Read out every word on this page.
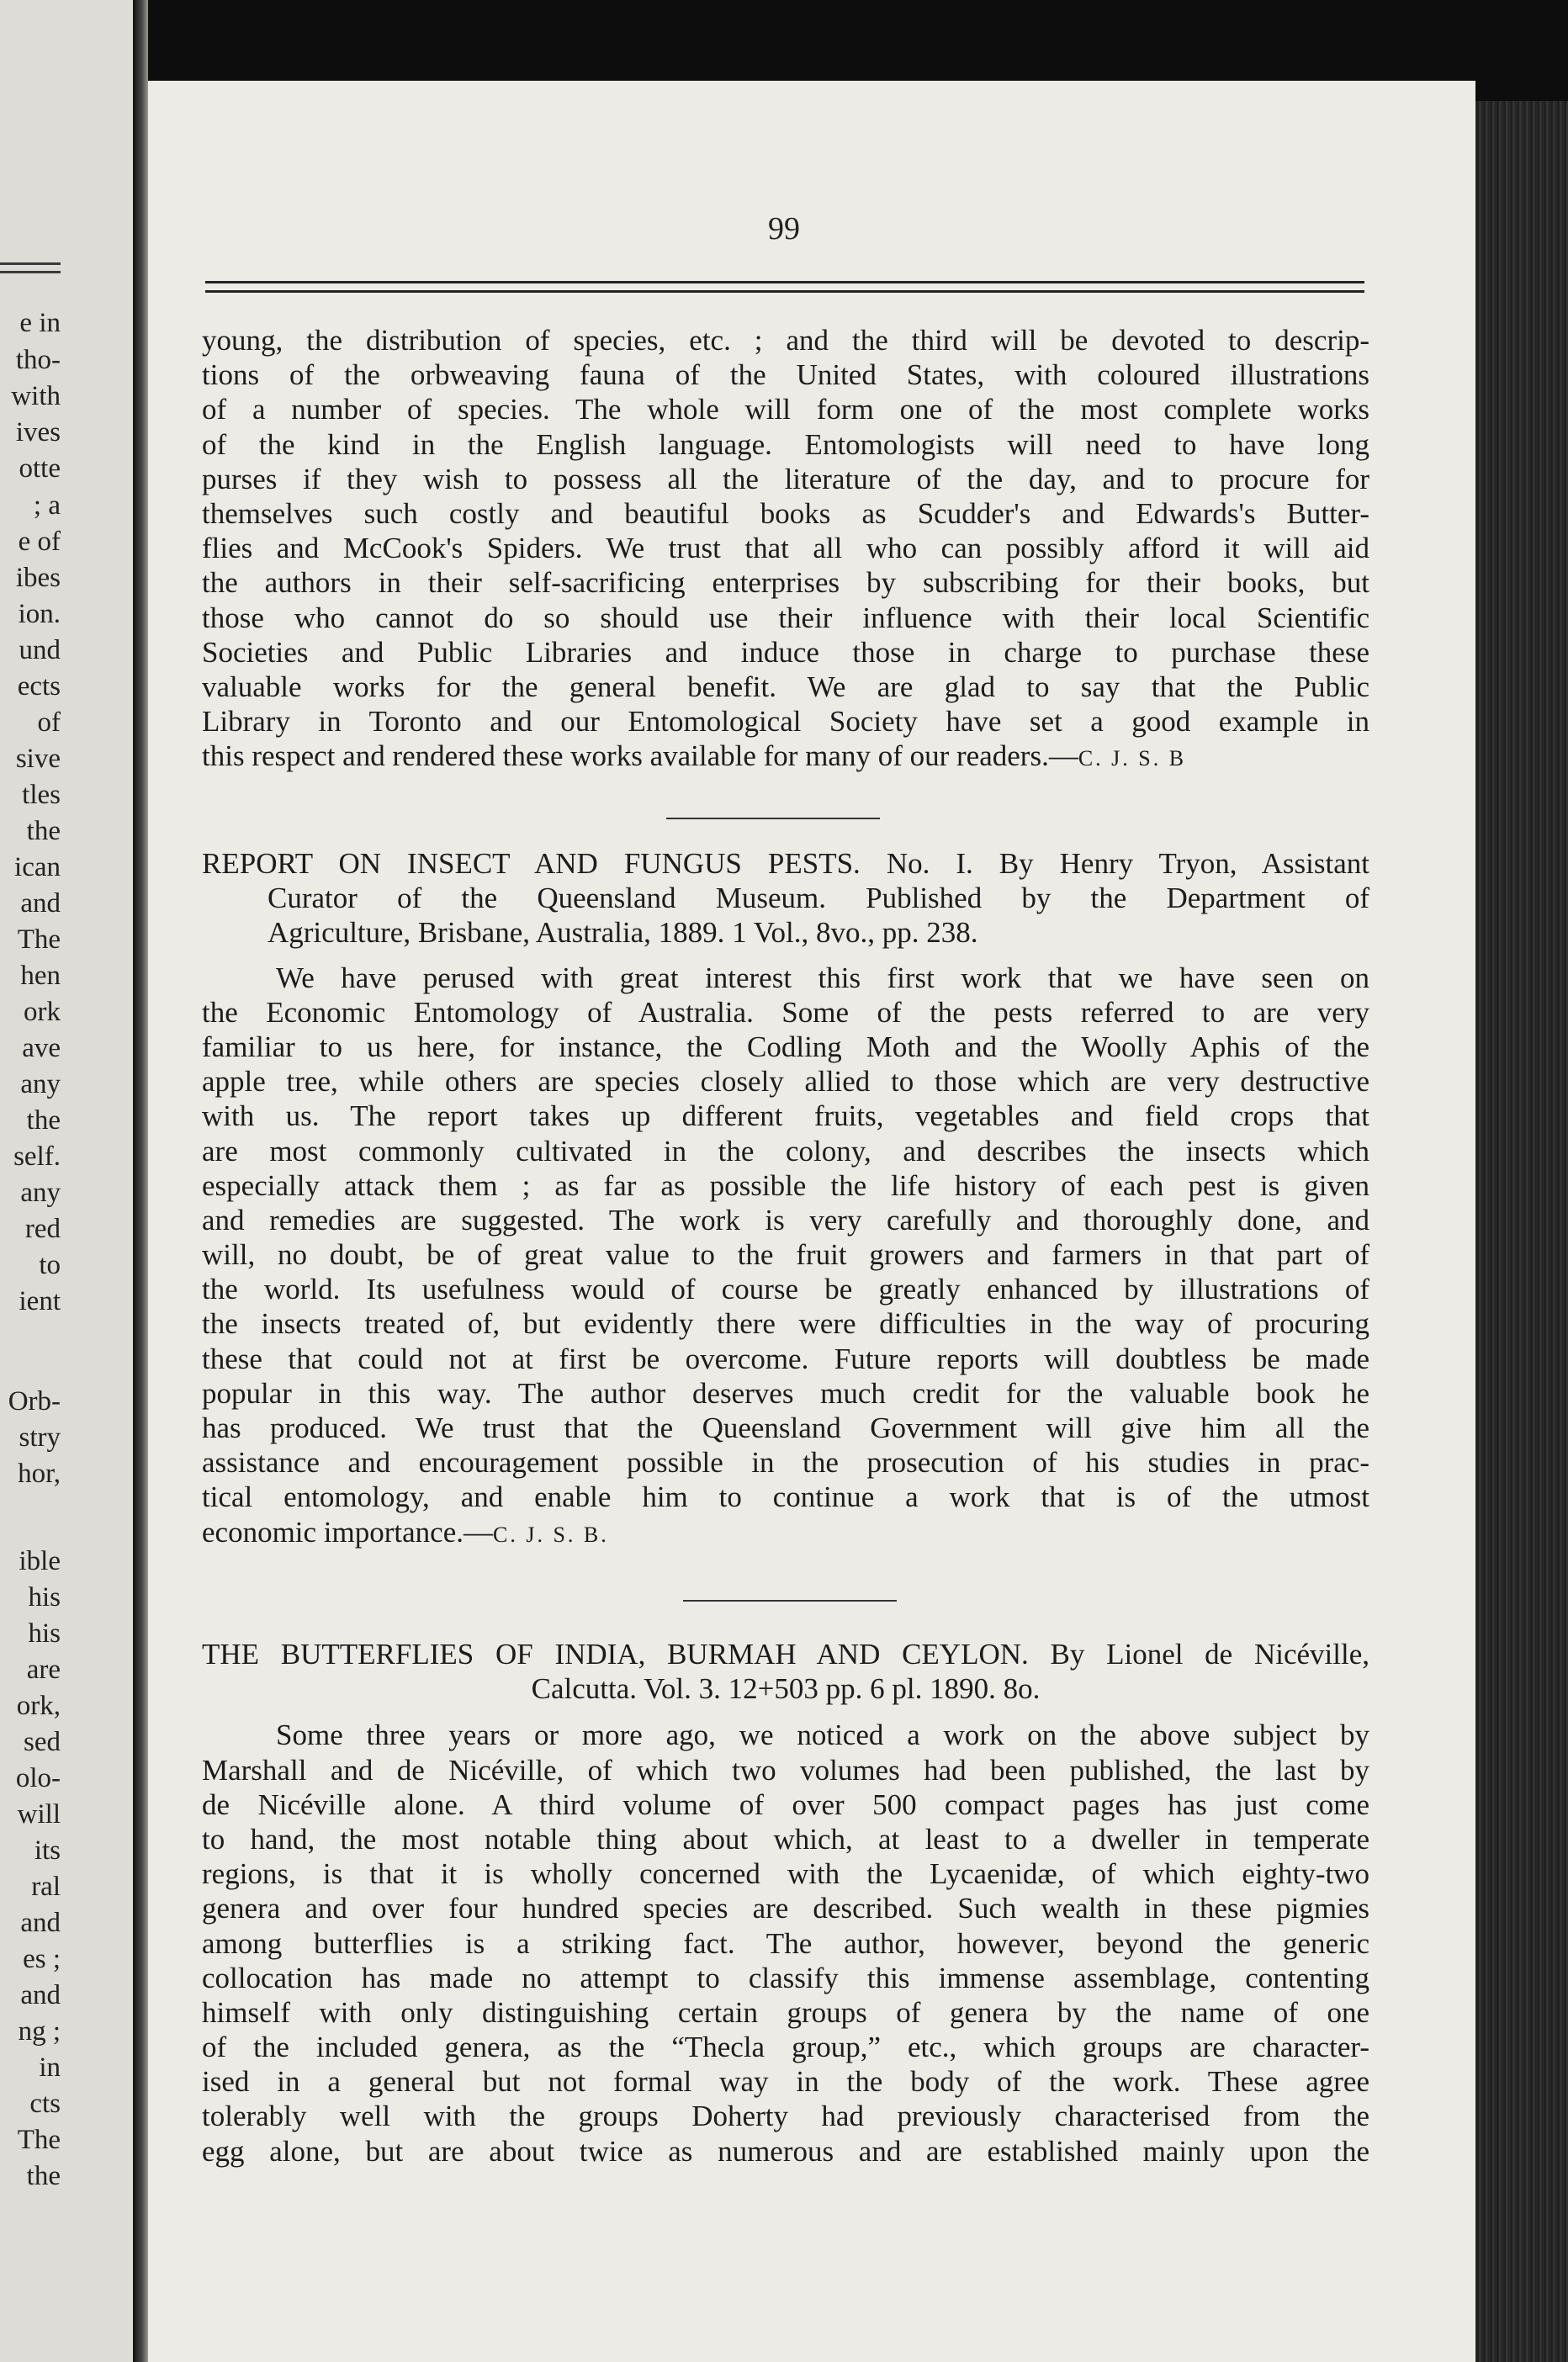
e in
tho-
with
ives
otte
; a
e of
ibes
ion.
und
ects
of
sive
tles
the
ican
and
The
hen
ork
ave
any
the
self.
any
red
to
ient
Orb-
stry
hor,
ible
his
his
are
ork,
sed
olo-
will
its
ral
and
es ;
and
ng ;
in
cts
The
the
99
young, the distribution of species, etc. ; and the third will be devoted to descrip-
tions of the orbweaving fauna of the United States, with coloured illustrations
of a number of species. The whole will form one of the most complete works
of the kind in the English language. Entomologists will need to have long
purses if they wish to possess all the literature of the day, and to procure for
themselves such costly and beautiful books as Scudder's and Edwards's Butter-
flies and McCook's Spiders. We trust that all who can possibly afford it will aid
the authors in their self-sacrificing enterprises by subscribing for their books, but
those who cannot do so should use their influence with their local Scientific
Societies and Public Libraries and induce those in charge to purchase these
valuable works for the general benefit. We are glad to say that the Public
Library in Toronto and our Entomological Society have set a good example in
this respect and rendered these works available for many of our readers.—C. J. S. B
REPORT ON INSECT AND FUNGUS PESTS. No. I. By Henry Tryon, Assistant
Curator of the Queensland Museum. Published by the Department of
Agriculture, Brisbane, Australia, 1889. 1 Vol., 8vo., pp. 238.
We have perused with great interest this first work that we have seen on
the Economic Entomology of Australia. Some of the pests referred to are very
familiar to us here, for instance, the Codling Moth and the Woolly Aphis of the
apple tree, while others are species closely allied to those which are very destructive
with us. The report takes up different fruits, vegetables and field crops that
are most commonly cultivated in the colony, and describes the insects which
especially attack them ; as far as possible the life history of each pest is given
and remedies are suggested. The work is very carefully and thoroughly done, and
will, no doubt, be of great value to the fruit growers and farmers in that part of
the world. Its usefulness would of course be greatly enhanced by illustrations of
the insects treated of, but evidently there were difficulties in the way of procuring
these that could not at first be overcome. Future reports will doubtless be made
popular in this way. The author deserves much credit for the valuable book he
has produced. We trust that the Queensland Government will give him all the
assistance and encouragement possible in the prosecution of his studies in prac-
tical entomology, and enable him to continue a work that is of the utmost
economic importance.—C. J. S. B.
THE BUTTERFLIES OF INDIA, BURMAH AND CEYLON. By Lionel de Nicéville,
Calcutta. Vol. 3. 12+503 pp. 6 pl. 1890. 8o.
Some three years or more ago, we noticed a work on the above subject by
Marshall and de Nicéville, of which two volumes had been published, the last by
de Nicéville alone. A third volume of over 500 compact pages has just come
to hand, the most notable thing about which, at least to a dweller in temperate
regions, is that it is wholly concerned with the Lycaenidæ, of which eighty-two
genera and over four hundred species are described. Such wealth in these pigmies
among butterflies is a striking fact. The author, however, beyond the generic
collocation has made no attempt to classify this immense assemblage, contenting
himself with only distinguishing certain groups of genera by the name of one
of the included genera, as the “Thecla group,” etc., which groups are character-
ised in a general but not formal way in the body of the work. These agree
tolerably well with the groups Doherty had previously characterised from the
egg alone, but are about twice as numerous and are established mainly upon the
